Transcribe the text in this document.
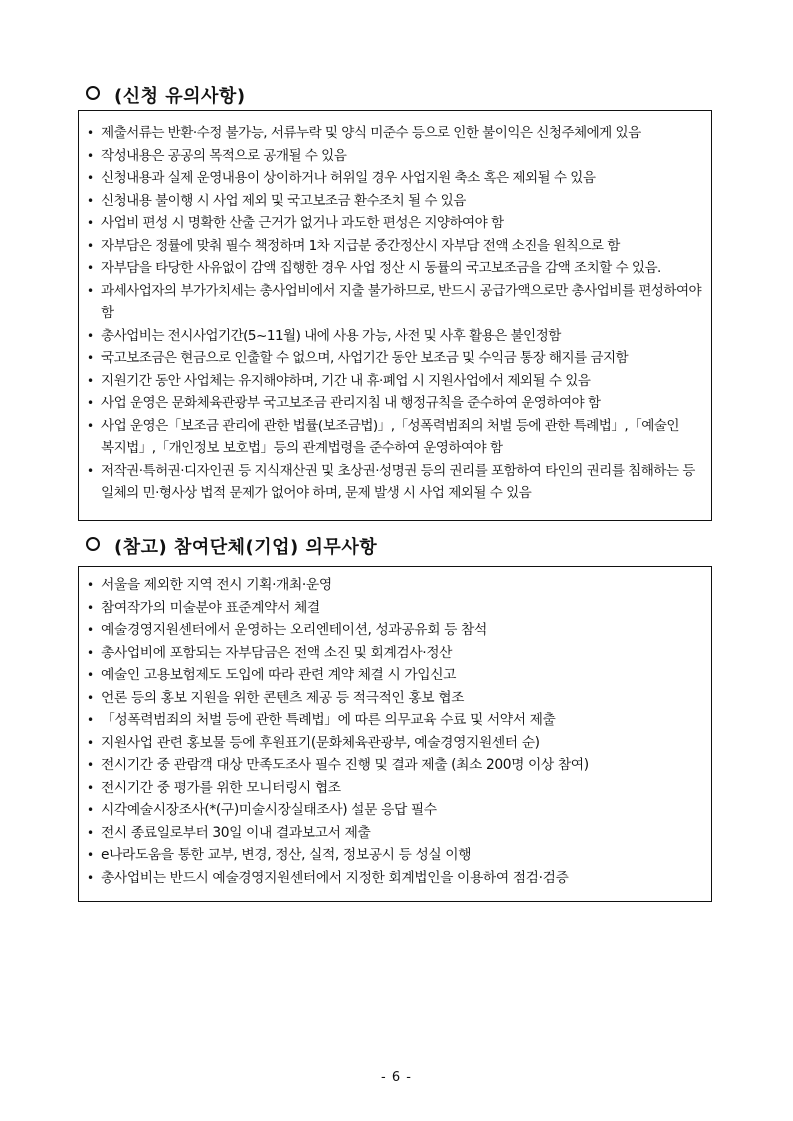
(신청 유의사항)
• 제출서류는 반환·수정 불가능, 서류누락 및 양식 미준수 등으로 인한 불이익은 신청주체에게 있음
• 작성내용은 공공의 목적으로 공개될 수 있음
• 신청내용과 실제 운영내용이 상이하거나 허위일 경우 사업지원 축소 혹은 제외될 수 있음
• 신청내용 불이행 시 사업 제외 및 국고보조금 환수조치 될 수 있음
• 사업비 편성 시 명확한 산출 근거가 없거나 과도한 편성은 지양하여야 함
• 자부담은 정률에 맞춰 필수 책정하며 1차 지급분 중간정산시 자부담 전액 소진을 원칙으로 함
• 자부담을 타당한 사유없이 감액 집행한 경우 사업 정산 시 동률의 국고보조금을 감액 조치할 수 있음.
• 과세사업자의 부가가치세는 총사업비에서 지출 불가하므로, 반드시 공급가액으로만 총사업비를 편성하여야 함
• 총사업비는 전시사업기간(5~11월) 내에 사용 가능, 사전 및 사후 활용은 불인정함
• 국고보조금은 현금으로 인출할 수 없으며, 사업기간 동안 보조금 및 수익금 통장 해지를 금지함
• 지원기간 동안 사업체는 유지해야하며, 기간 내 휴·폐업 시 지원사업에서 제외될 수 있음
• 사업 운영은 문화체육관광부 국고보조금 관리지침 내 행정규칙을 준수하여 운영하여야 함
• 사업 운영은「보조금 관리에 관한 법률(보조금법)」,「성폭력범죄의 처벌 등에 관한 특례법」,「예술인 복지법」,「개인정보 보호법」등의 관계법령을 준수하여 운영하여야 함
• 저작권·특허권·디자인권 등 지식재산권 및 초상권·성명권 등의 권리를 포함하여 타인의 권리를 침해하는 등 일체의 민·형사상 법적 문제가 없어야 하며, 문제 발생 시 사업 제외될 수 있음
(참고) 참여단체(기업) 의무사항
• 서울을 제외한 지역 전시 기획·개최·운영
• 참여작가의 미술분야 표준계약서 체결
• 예술경영지원센터에서 운영하는 오리엔테이션, 성과공유회 등 참석
• 총사업비에 포함되는 자부담금은 전액 소진 및 회계검사·정산
• 예술인 고용보험제도 도입에 따라 관련 계약 체결 시 가입신고
• 언론 등의 홍보 지원을 위한 콘텐츠 제공 등 적극적인 홍보 협조
• 「성폭력범죄의 처벌 등에 관한 특례법」에 따른 의무교육 수료 및 서약서 제출
• 지원사업 관련 홍보물 등에 후원표기(문화체육관광부, 예술경영지원센터 순)
• 전시기간 중 관람객 대상 만족도조사 필수 진행 및 결과 제출 (최소 200명 이상 참여)
• 전시기간 중 평가를 위한 모니터링시 협조
• 시각예술시장조사(*(구)미술시장실태조사) 설문 응답 필수
• 전시 종료일로부터 30일 이내 결과보고서 제출
• e나라도움을 통한 교부, 변경, 정산, 실적, 정보공시 등 성실 이행
• 총사업비는 반드시 예술경영지원센터에서 지정한 회계법인을 이용하여 점검·검증
- 6 -
